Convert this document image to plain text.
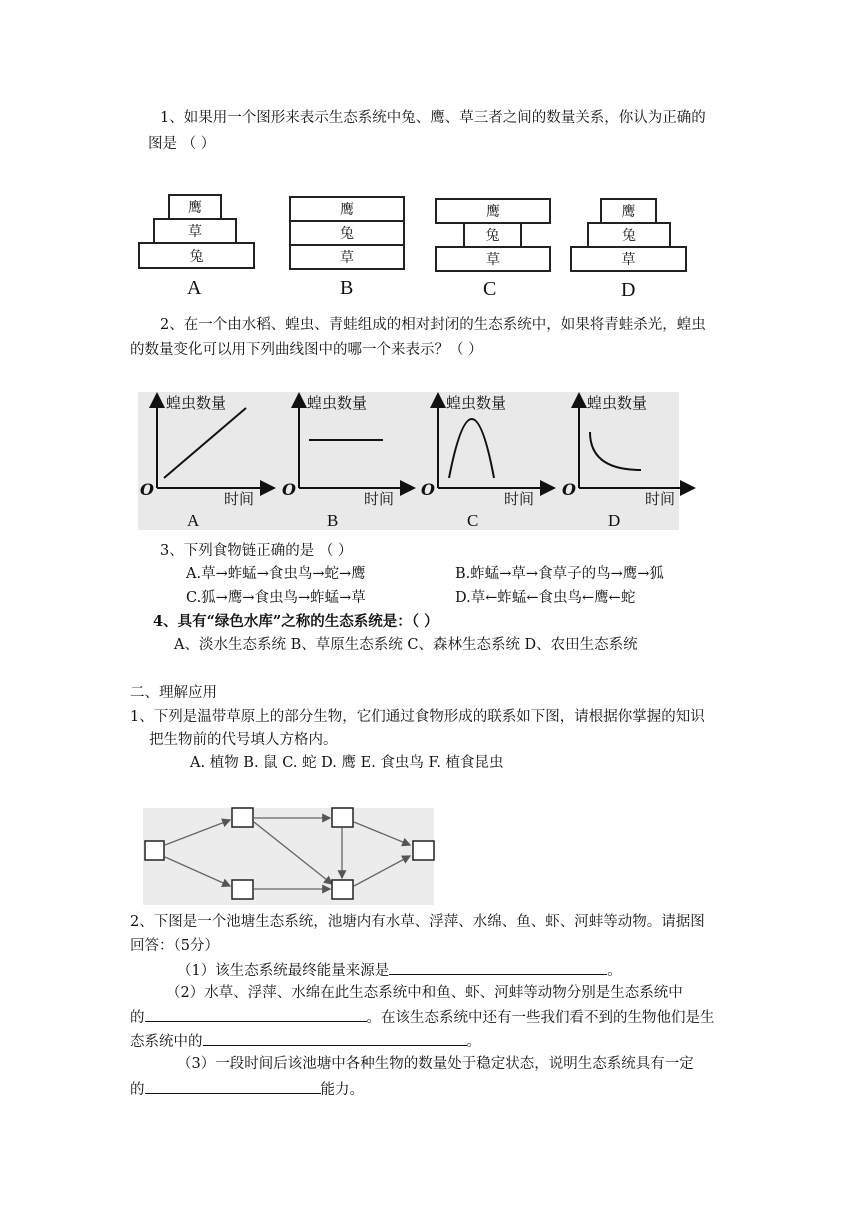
1、如果用一个图形来表示生态系统中兔、鹰、草三者之间的数量关系，你认为正确的
图是 （ ）
鹰
草
兔
A
鹰
兔
草
B
鹰
兔
草
C
鹰
兔
草
D
2、在一个由水稻、蝗虫、青蛙组成的相对封闭的生态系统中，如果将青蛙杀光，蝗虫
的数量变化可以用下列曲线图中的哪一个来表示？（ ）
蝗虫数量	蝗虫数量	蝗虫数量	蝗虫数量
时间	时间	时间	时间
O	O	O	O
A	B	C	D
3、下列食物链正确的是 （ ）
A.草→蚱蜢→食虫鸟→蛇→鹰	B.蚱蜢→草→食草子的鸟→鹰→狐
C.狐→鹰→食虫鸟→蚱蜢→草	D.草←蚱蜢←食虫鸟←鹰←蛇
4、具有“绿色水库”之称的生态系统是：（ ）
A、淡水生态系统 B、草原生态系统 C、森林生态系统 D、农田生态系统
二、理解应用
1、下列是温带草原上的部分生物，它们通过食物形成的联系如下图，请根据你掌握的知识
把生物前的代号填人方格内。
A. 植物 B. 鼠 C. 蛇 D. 鹰 E. 食虫鸟 F. 植食昆虫
2、下图是一个池塘生态系统，池塘内有水草、浮萍、水绵、鱼、虾、河蚌等动物。请据图
回答：（5分）
（1）该生态系统最终能量来源是	。
（2）水草、浮萍、水绵在此生态系统中和鱼、虾、河蚌等动物分别是生态系统中
的	。在该生态系统中还有一些我们看不到的生物他们是生
态系统中的	。
（3）一段时间后该池塘中各种生物的数量处于稳定状态，说明生态系统具有一定
的	能力。
